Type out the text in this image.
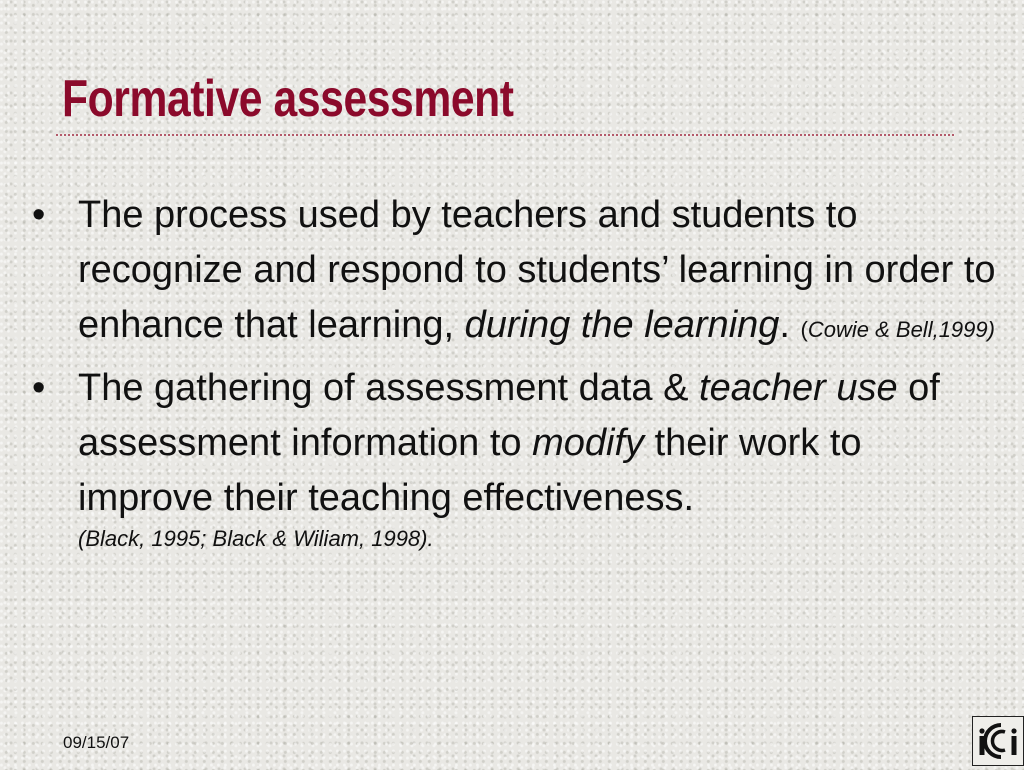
Formative assessment
• The process used by teachers and students to recognize and respond to students’ learning in order to enhance that learning, during the learning. (Cowie & Bell,1999)
• The gathering of assessment data & teacher use of assessment information to modify their work to improve their teaching effectiveness.
(Black, 1995; Black & Wiliam, 1998).
09/15/07
